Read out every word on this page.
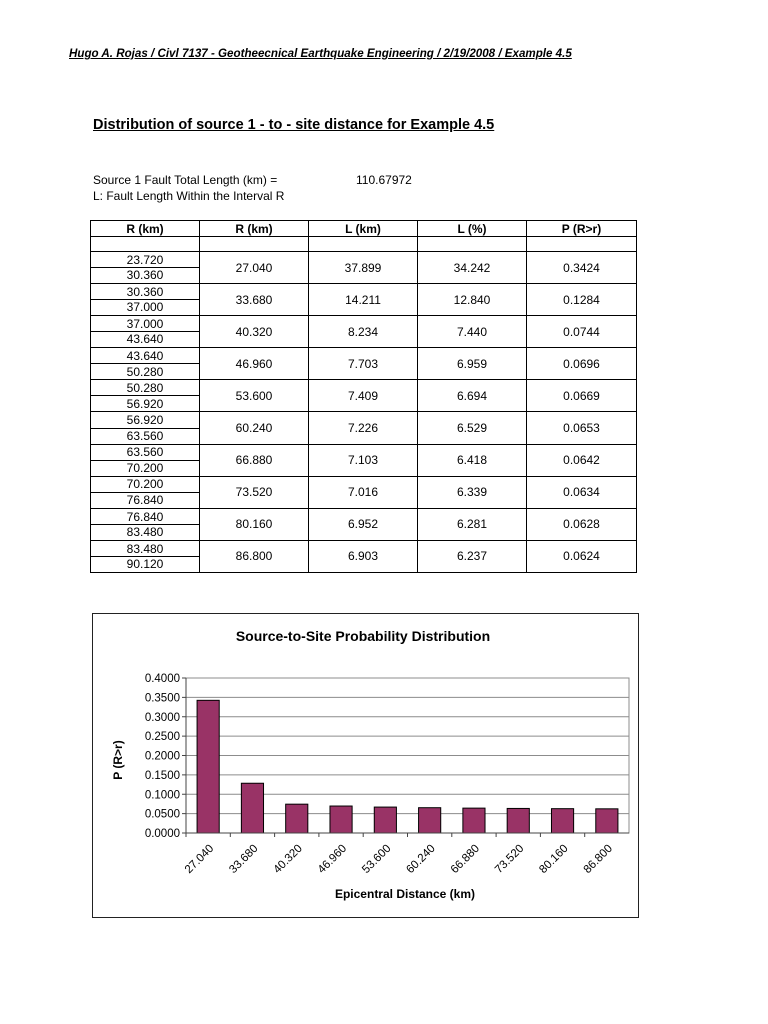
Hugo A. Rojas / Civl 7137 - Geotheecnical Earthquake Engineering / 2/19/2008 / Example 4.5
Distribution of source 1 - to - site distance for Example 4.5
Source 1 Fault Total Length (km) =	110.67972
L: Fault Length Within the Interval R
R (km)	R (km)	L (km)	L (%)	P (R>r)

23.720
30.360	27.040	37.899	34.242	0.3424

30.360
37.000	33.680	14.211	12.840	0.1284

37.000
43.640	40.320	8.234	7.440	0.0744

43.640
50.280	46.960	7.703	6.959	0.0696

50.280
56.920	53.600	7.409	6.694	0.0669

56.920
63.560	60.240	7.226	6.529	0.0653

63.560
70.200	66.880	7.103	6.418	0.0642

70.200
76.840	73.520	7.016	6.339	0.0634

76.840
83.480	80.160	6.952	6.281	0.0628

83.480
90.120	86.800	6.903	6.237	0.0624
Source-to-Site Probability Distribution
P (R>r)
Epicentral Distance (km)
0.0000
0.0500
0.1000
0.1500
0.2000
0.2500
0.3000
0.3500
0.4000
27.040 33.680 40.320 46.960 53.600 60.240 66.880 73.520 80.160 86.800
